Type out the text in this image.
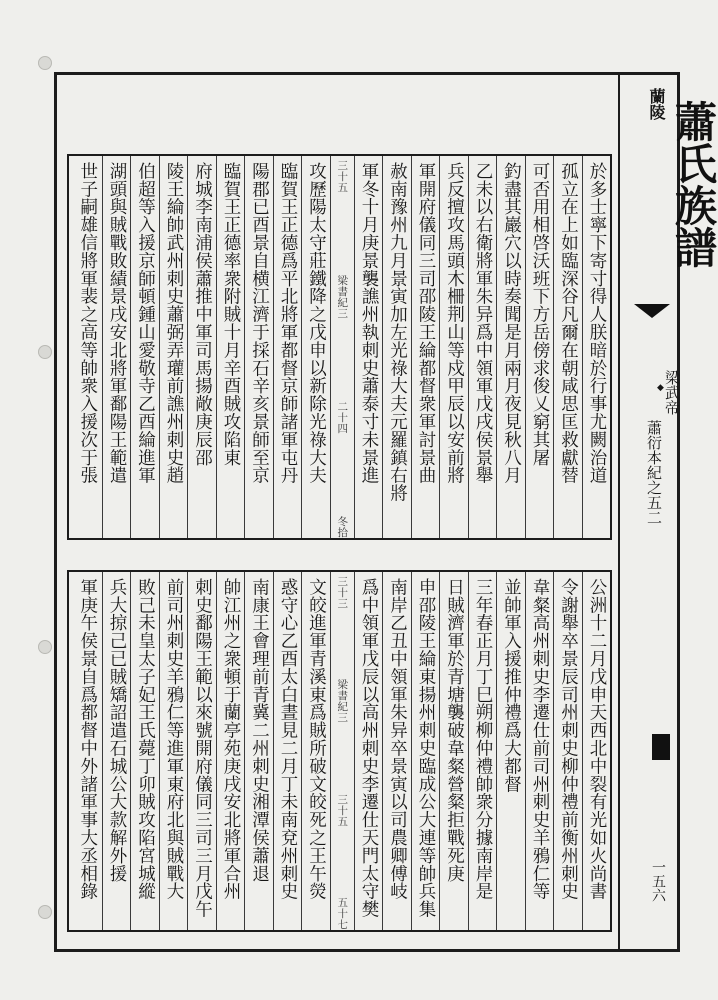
蘭陵 蕭氏族譜
◆ 梁武帝
蕭衍本紀之五二
一五六
於多士寧下寄寸得人朕暗於行事尤闕治道
孤立在上如臨深谷凡爾在朝咸思匡救獻替
可否用相啓沃班下方岳傍求俊乂窮其屠
釣盡其巖穴以時奏聞是月兩月夜見秋八月
乙未以右衛將軍朱异爲中領軍戊戌侯景舉
兵反擅攻馬頭木柵荆山等戍甲辰以安前將
軍開府儀同三司邵陵王綸都督衆軍討景曲
赦南豫州九月景寅加左光祿大夫元羅鎮右將
軍冬十月庚景襲譙州執刺史蕭泰寸未景進
三十五
梁書紀三
二十四
冬拾
攻歷陽太守莊鐵降之戊申以新除光祿大夫
臨賀王正德爲平北將軍都督京師諸軍屯丹
陽郡已酉景自横江濟于採石辛亥景師至京
臨賀王正德率衆附賊十月辛酉賊攻陷東
府城李南浦侯蕭推中軍司馬揚敞庚辰邵
陵王綸帥武州刺史蕭弼弄瓘前譙州刺史趙
伯超等入援京師頓鍾山愛敬寺乙酉綸進軍
湖頭與賊戰敗績景戌安北將軍鄱陽王範遣
世子嗣雄信將軍裴之高等帥衆入援次于張
公洲十二月戊申天西北中裂有光如火尚書
令謝舉卒景辰司州刺史柳仲禮前衡州刺史
韋粲高州刺史李遷仕前司州刺史羊鴉仁等
並帥軍入援推仲禮爲大都督
三年春正月丁巳朔柳仲禮帥衆分據南岸是
日賊濟軍於青塘襲破韋粲營粲拒戰死庚
申邵陵王綸東揚州刺史臨成公大連等帥兵集
南岸乙丑中領軍朱异卒景寅以司農卿傅岐
爲中領軍戊辰以高州刺史李遷仕天門太守樊
三十三
梁書紀三
三十五
五十七
文皎進軍青溪東爲賊所破文皎死之王午熒
惑守心乙酉太白晝見二月丁未南兗州刺史
南康王會理前青冀二州刺史湘潭侯蕭退
帥江州之衆頓于蘭亭苑庚戌安北將軍合州
刺史鄱陽王範以來號開府儀同三司三月戊午
前司州刺史羊鴉仁等進軍東府北與賊戰大
敗己未皇太子妃王氏薨丁卯賊攻陷宮城縱
兵大掠己已賊矯詔遣石城公大款解外援
軍庚午侯景自爲都督中外諸軍事大丞相錄
